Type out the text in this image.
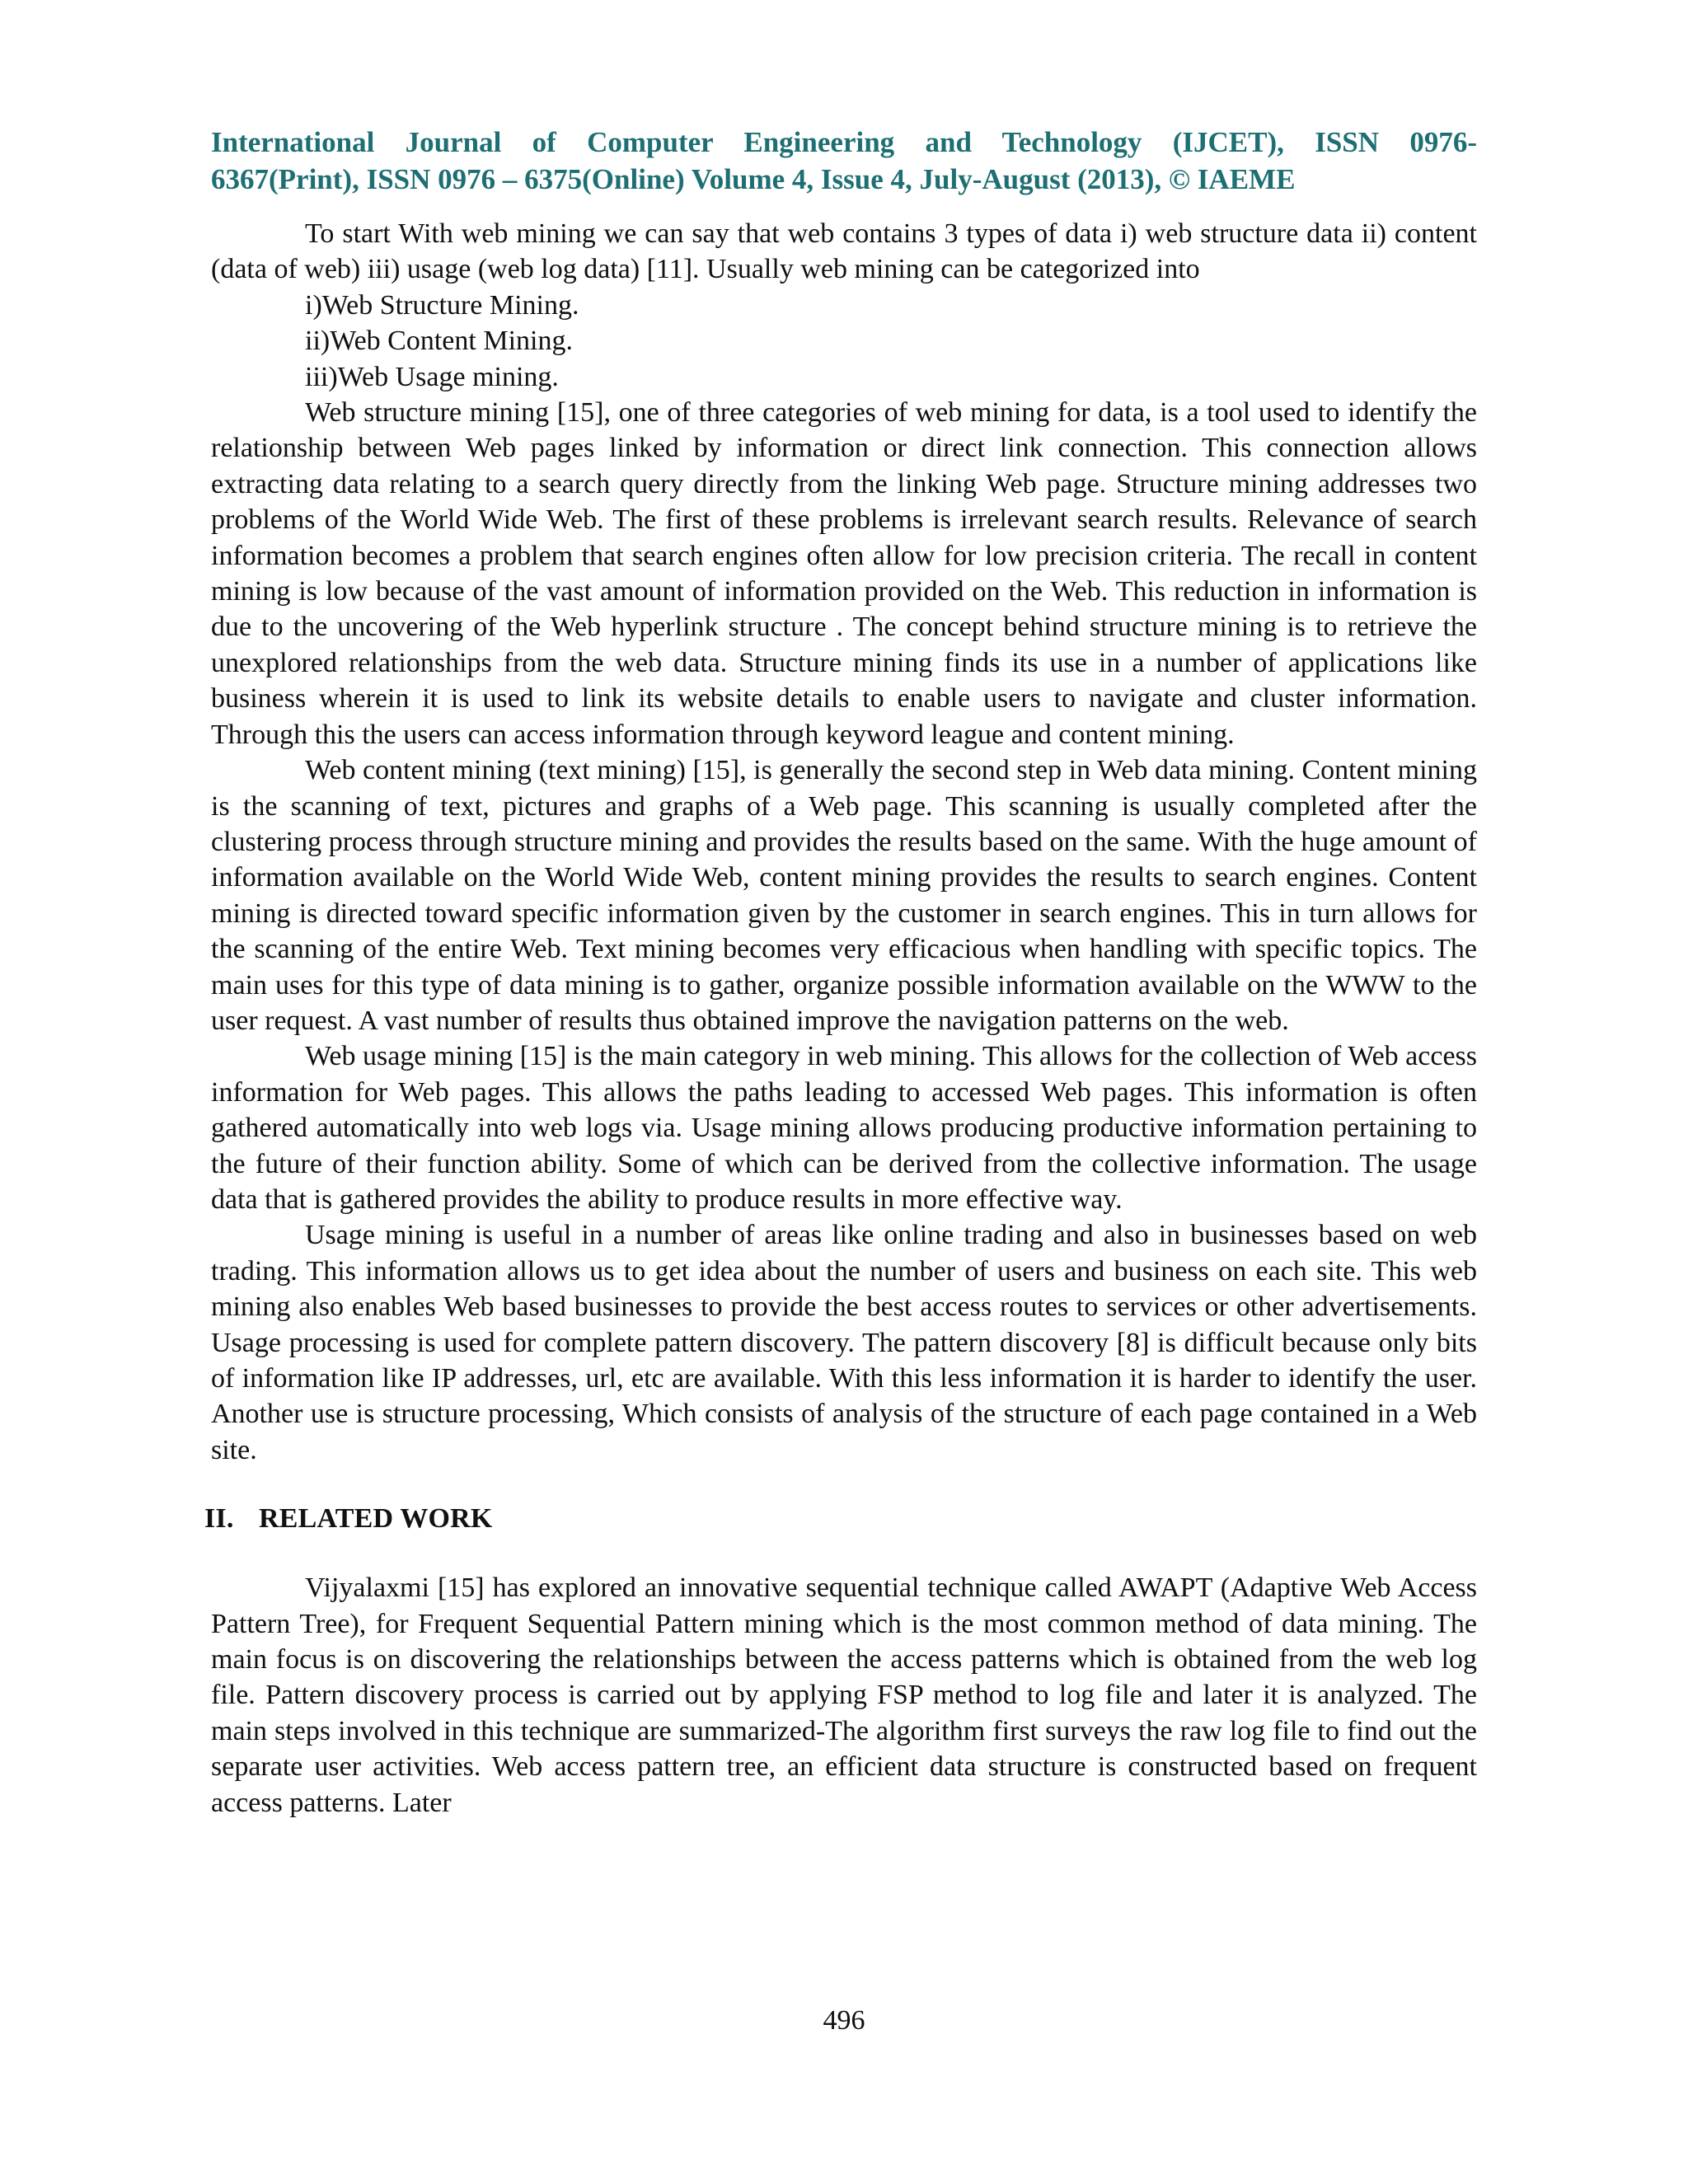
International Journal of Computer Engineering and Technology (IJCET), ISSN 0976-
6367(Print), ISSN 0976 – 6375(Online) Volume 4, Issue 4, July-August (2013), © IAEME

To start With web mining we can say that web contains 3 types of data i) web structure data ii) content (data of web) iii) usage (web log data) [11]. Usually web mining can be categorized into

i)Web Structure Mining.
ii)Web Content Mining.
iii)Web Usage mining.

Web structure mining [15], one of three categories of web mining for data, is a tool used to identify the relationship between Web pages linked by information or direct link connection. This connection allows extracting data relating to a search query directly from the linking Web page. Structure mining addresses two problems of the World Wide Web. The first of these problems is irrelevant search results. Relevance of search information becomes a problem that search engines often allow for low precision criteria. The recall in content mining is low because of the vast amount of information provided on the Web. This reduction in information is due to the uncovering of the Web hyperlink structure . The concept behind structure mining is to retrieve the unexplored relationships from the web data. Structure mining finds its use in a number of applications like business wherein it is used to link its website details to enable users to navigate and cluster information. Through this the users can access information through keyword league and content mining.

Web content mining (text mining) [15], is generally the second step in Web data mining. Content mining is the scanning of text, pictures and graphs of a Web page. This scanning is usually completed after the clustering process through structure mining and provides the results based on the same. With the huge amount of information available on the World Wide Web, content mining provides the results to search engines. Content mining is directed toward specific information given by the customer in search engines. This in turn allows for the scanning of the entire Web. Text mining becomes very efficacious when handling with specific topics. The main uses for this type of data mining is to gather, organize possible information available on the WWW to the user request. A vast number of results thus obtained improve the navigation patterns on the web.

Web usage mining [15] is the main category in web mining. This allows for the collection of Web access information for Web pages. This allows the paths leading to accessed Web pages. This information is often gathered automatically into web logs via. Usage mining allows producing productive information pertaining to the future of their function ability. Some of which can be derived from the collective information. The usage data that is gathered provides the ability to produce results in more effective way.

Usage mining is useful in a number of areas like online trading and also in businesses based on web trading. This information allows us to get idea about the number of users and business on each site. This web mining also enables Web based businesses to provide the best access routes to services or other advertisements. Usage processing is used for complete pattern discovery. The pattern discovery [8] is difficult because only bits of information like IP addresses, url, etc are available. With this less information it is harder to identify the user. Another use is structure processing, Which consists of analysis of the structure of each page contained in a Web site.

II. RELATED WORK

Vijyalaxmi [15] has explored an innovative sequential technique called AWAPT (Adaptive Web Access Pattern Tree), for Frequent Sequential Pattern mining which is the most common method of data mining. The main focus is on discovering the relationships between the access patterns which is obtained from the web log file. Pattern discovery process is carried out by applying FSP method to log file and later it is analyzed. The main steps involved in this technique are summarized-The algorithm first surveys the raw log file to find out the separate user activities. Web access pattern tree, an efficient data structure is constructed based on frequent access patterns. Later

496
